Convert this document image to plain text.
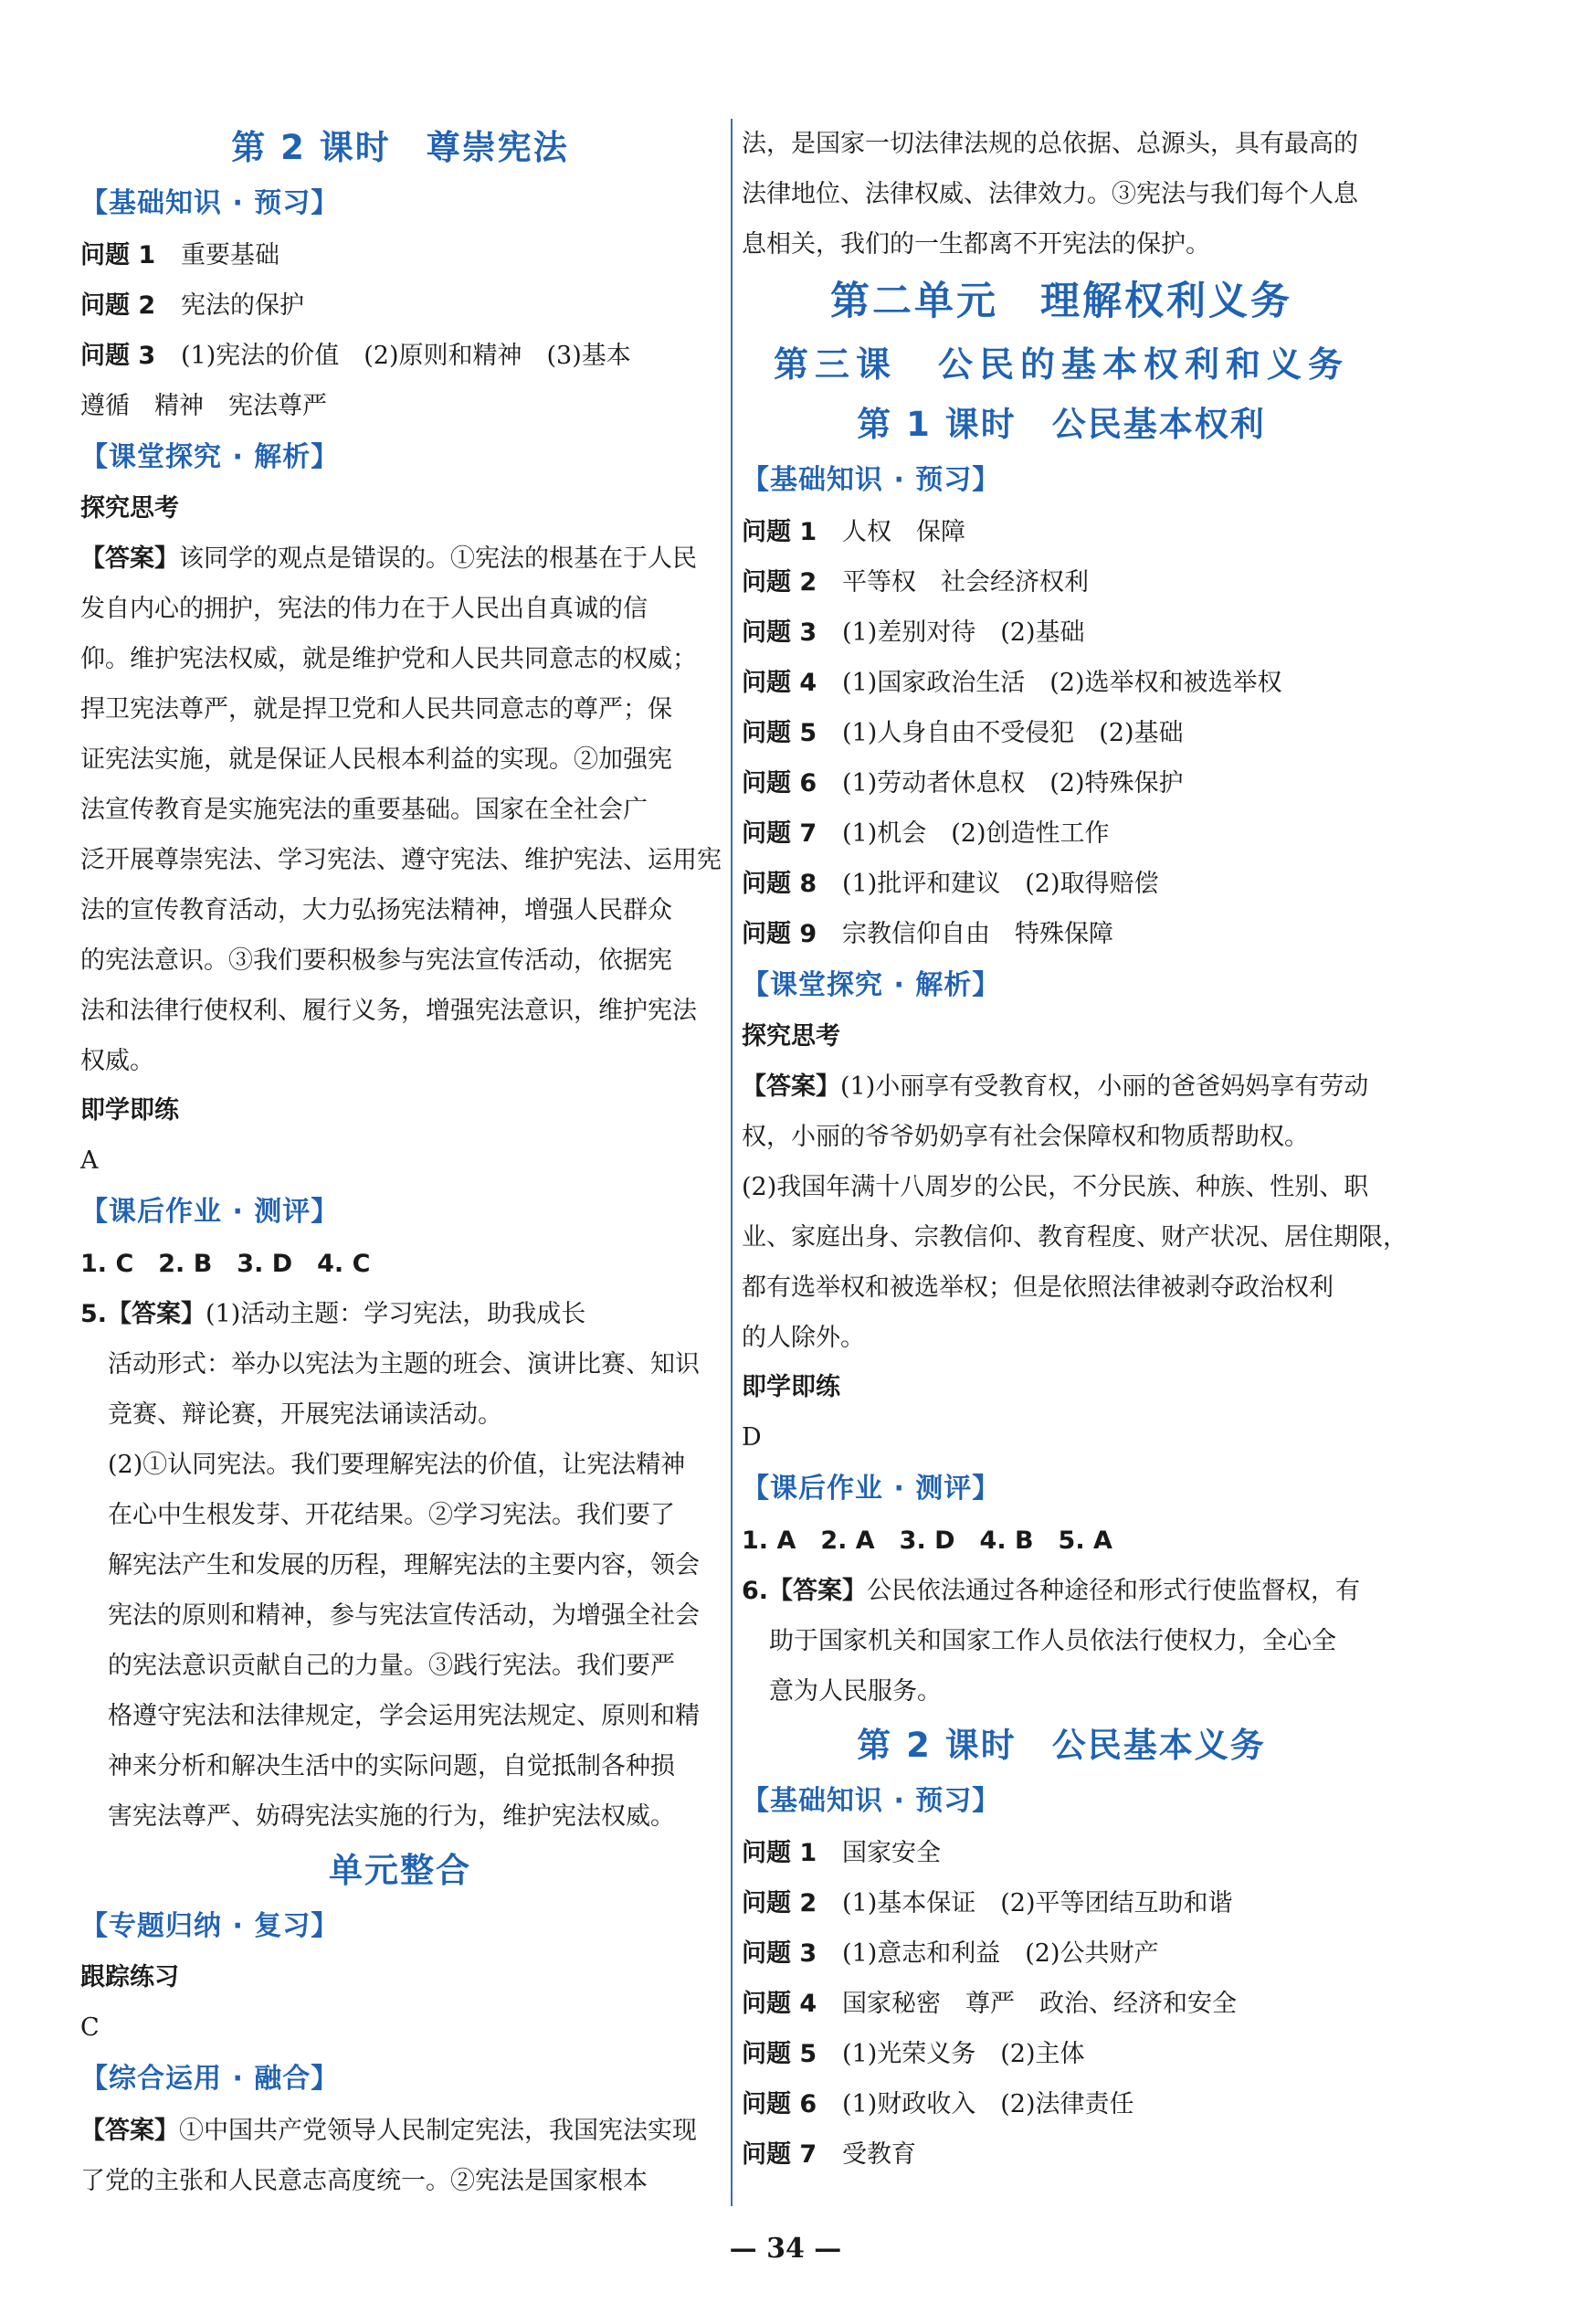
第 2 课时　尊崇宪法
【基础知识 · 预习】
问题 1 重要基础
问题 2 宪法的保护
问题 3 (1)宪法的价值　(2)原则和精神　(3)基本
遵循　精神　宪法尊严
【课堂探究 · 解析】
探究思考
【答案】该同学的观点是错误的。①宪法的根基在于人民
发自内心的拥护，宪法的伟力在于人民出自真诚的信
仰。维护宪法权威，就是维护党和人民共同意志的权威；
捍卫宪法尊严，就是捍卫党和人民共同意志的尊严；保
证宪法实施，就是保证人民根本利益的实现。②加强宪
法宣传教育是实施宪法的重要基础。国家在全社会广
泛开展尊崇宪法、学习宪法、遵守宪法、维护宪法、运用宪
法的宣传教育活动，大力弘扬宪法精神，增强人民群众
的宪法意识。③我们要积极参与宪法宣传活动，依据宪
法和法律行使权利、履行义务，增强宪法意识，维护宪法
权威。
即学即练
A
【课后作业 · 测评】
1. C　2. B　3. D　4. C
5.【答案】(1)活动主题：学习宪法，助我成长
活动形式：举办以宪法为主题的班会、演讲比赛、知识
竞赛、辩论赛，开展宪法诵读活动。
(2)①认同宪法。我们要理解宪法的价值，让宪法精神
在心中生根发芽、开花结果。②学习宪法。我们要了
解宪法产生和发展的历程，理解宪法的主要内容，领会
宪法的原则和精神，参与宪法宣传活动，为增强全社会
的宪法意识贡献自己的力量。③践行宪法。我们要严
格遵守宪法和法律规定，学会运用宪法规定、原则和精
神来分析和解决生活中的实际问题，自觉抵制各种损
害宪法尊严、妨碍宪法实施的行为，维护宪法权威。
单元整合
【专题归纳 · 复习】
跟踪练习
C
【综合运用 · 融合】
【答案】①中国共产党领导人民制定宪法，我国宪法实现
了党的主张和人民意志高度统一。②宪法是国家根本
法，是国家一切法律法规的总依据、总源头，具有最高的
法律地位、法律权威、法律效力。③宪法与我们每个人息
息相关，我们的一生都离不开宪法的保护。
第二单元　理解权利义务
第三课　公民的基本权利和义务
第 1 课时　公民基本权利
【基础知识 · 预习】
问题 1 人权　保障
问题 2 平等权　社会经济权利
问题 3 (1)差别对待　(2)基础
问题 4 (1)国家政治生活　(2)选举权和被选举权
问题 5 (1)人身自由不受侵犯　(2)基础
问题 6 (1)劳动者休息权　(2)特殊保护
问题 7 (1)机会　(2)创造性工作
问题 8 (1)批评和建议　(2)取得赔偿
问题 9 宗教信仰自由　特殊保障
【课堂探究 · 解析】
探究思考
【答案】(1)小丽享有受教育权，小丽的爸爸妈妈享有劳动
权，小丽的爷爷奶奶享有社会保障权和物质帮助权。
(2)我国年满十八周岁的公民，不分民族、种族、性别、职
业、家庭出身、宗教信仰、教育程度、财产状况、居住期限，
都有选举权和被选举权；但是依照法律被剥夺政治权利
的人除外。
即学即练
D
【课后作业 · 测评】
1. A　2. A　3. D　4. B　5. A
6.【答案】公民依法通过各种途径和形式行使监督权，有
助于国家机关和国家工作人员依法行使权力，全心全
意为人民服务。
第 2 课时　公民基本义务
【基础知识 · 预习】
问题 1 国家安全
问题 2 (1)基本保证　(2)平等团结互助和谐
问题 3 (1)意志和利益　(2)公共财产
问题 4 国家秘密　尊严　政治、经济和安全
问题 5 (1)光荣义务　(2)主体
问题 6 (1)财政收入　(2)法律责任
问题 7 受教育
— 34 —
